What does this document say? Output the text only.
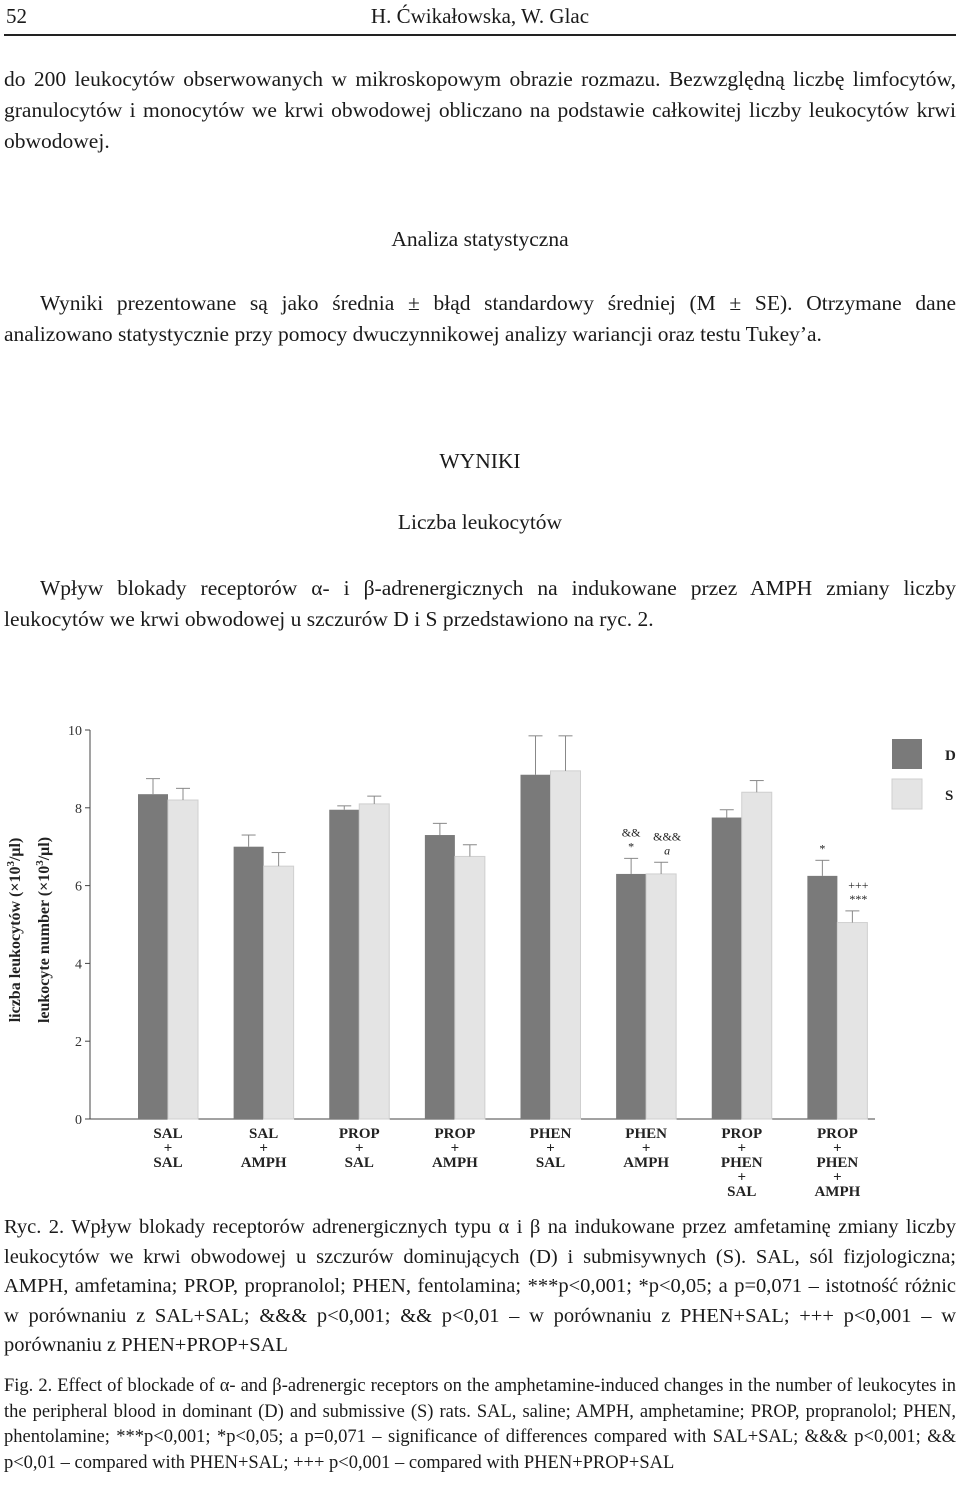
52	H. Ćwikałowska, W. Glac
do 200 leukocytów obserwowanych w mikroskopowym obrazie rozmazu. Bezwzględną liczbę limfocytów, granulocytów i monocytów we krwi obwodowej obliczano na podstawie całkowitej liczby leukocytów krwi obwodowej.
Analiza statystyczna
Wyniki prezentowane są jako średnia ± błąd standardowy średniej (M ± SE). Otrzymane dane analizowano statystycznie przy pomocy dwuczynnikowej analizy wariancji oraz testu Tukey’a.
WYNIKI
Liczba leukocytów
Wpływ blokady receptorów α- i β-adrenergicznych na indukowane przez AMPH zmiany liczby leukocytów we krwi obwodowej u szczurów D i S przedstawiono na ryc. 2.
liczba leukocytów $(\times 10^3/\mu l)$
leukocyte number $(\times 10^3/\mu l)$
0
2
4
6
8
10
&&
*
&&&
a	*
+++
***
SAL
+
SAL
SAL
+
AMPH
PROP
+
SAL
PROP
+
AMPH
PHEN
+
SAL
PHEN
+
AMPH
PROP
+
PHEN
+
SAL
PROP
+
PHEN
+
AMPH
D
S
Ryc. 2. Wpływ blokady receptorów adrenergicznych typu α i β na indukowane przez amfetaminę zmiany liczby leukocytów we krwi obwodowej u szczurów dominujących (D) i submisywnych (S). SAL, sól fizjologiczna; AMPH, amfetamina; PROP, propranolol; PHEN, fentolamina; ***p<0,001; *p<0,05; a p=0,071 – istotność różnic w porównaniu z SAL+SAL; &&& p<0,001; && p<0,01 – w porównaniu z PHEN+SAL; +++ p<0,001 – w porównaniu z PHEN+PROP+SAL
Fig. 2. Effect of blockade of α- and β-adrenergic receptors on the amphetamine-induced changes in the number of leukocytes in the peripheral blood in dominant (D) and submissive (S) rats. SAL, saline; AMPH, amphetamine; PROP, propranolol; PHEN, phentolamine; ***p<0,001; *p<0,05; a p=0,071 – significance of differences compared with SAL+SAL; &&& p<0,001; && p<0,01 – compared with PHEN+SAL; +++ p<0,001 – compared with PHEN+PROP+SAL
